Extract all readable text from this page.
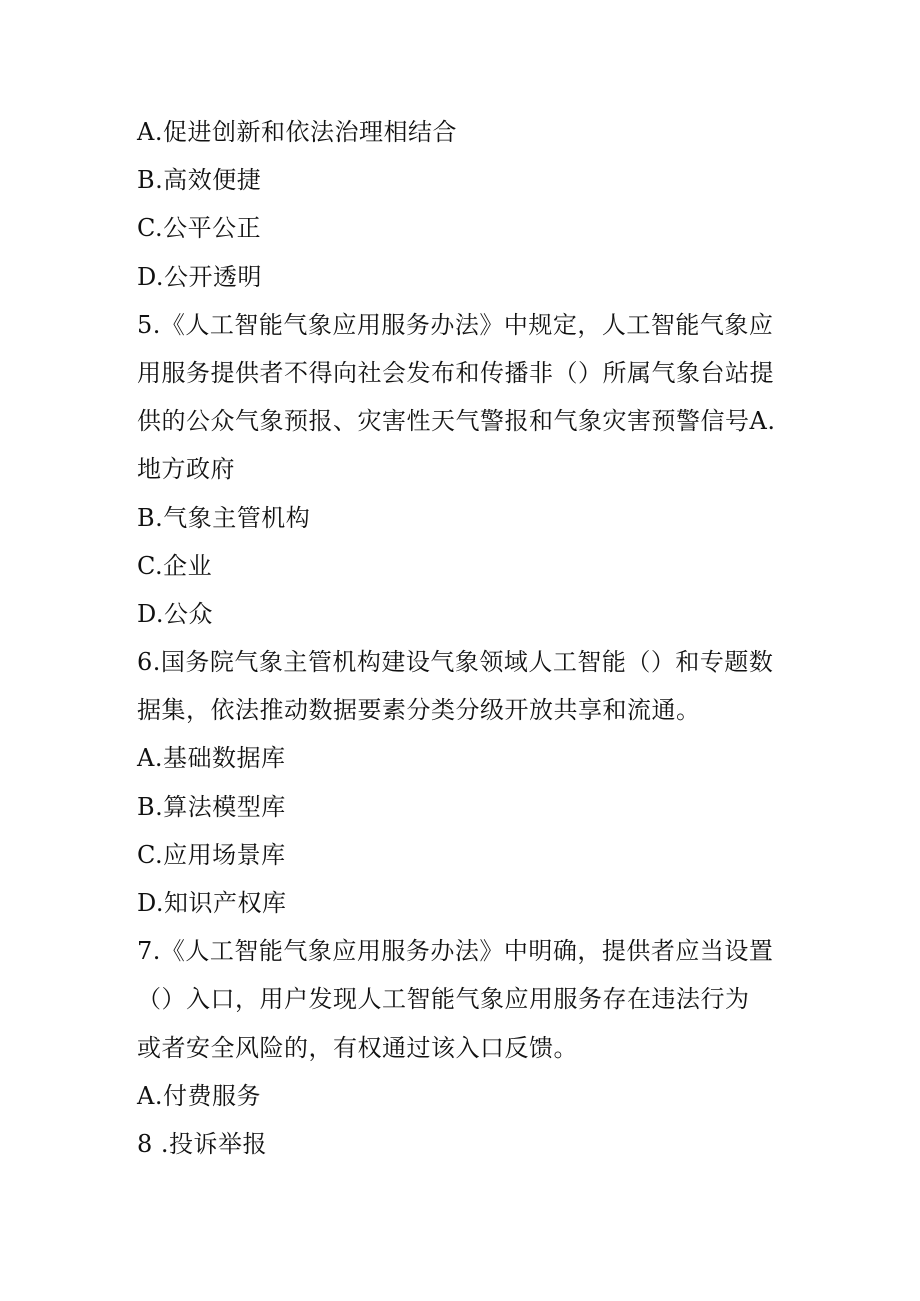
A.促进创新和依法治理相结合
B.高效便捷
C.公平公正
D.公开透明
5.《人工智能气象应用服务办法》中规定，人工智能气象应
用服务提供者不得向社会发布和传播非（）所属气象台站提
供的公众气象预报、灾害性天气警报和气象灾害预警信号A.
地方政府
B.气象主管机构
C.企业
D.公众
6.国务院气象主管机构建设气象领域人工智能（）和专题数
据集，依法推动数据要素分类分级开放共享和流通。
A.基础数据库
B.算法模型库
C.应用场景库
D.知识产权库
7.《人工智能气象应用服务办法》中明确，提供者应当设置
（）入口，用户发现人工智能气象应用服务存在违法行为
或者安全风险的，有权通过该入口反馈。
A.付费服务
8 .投诉举报
